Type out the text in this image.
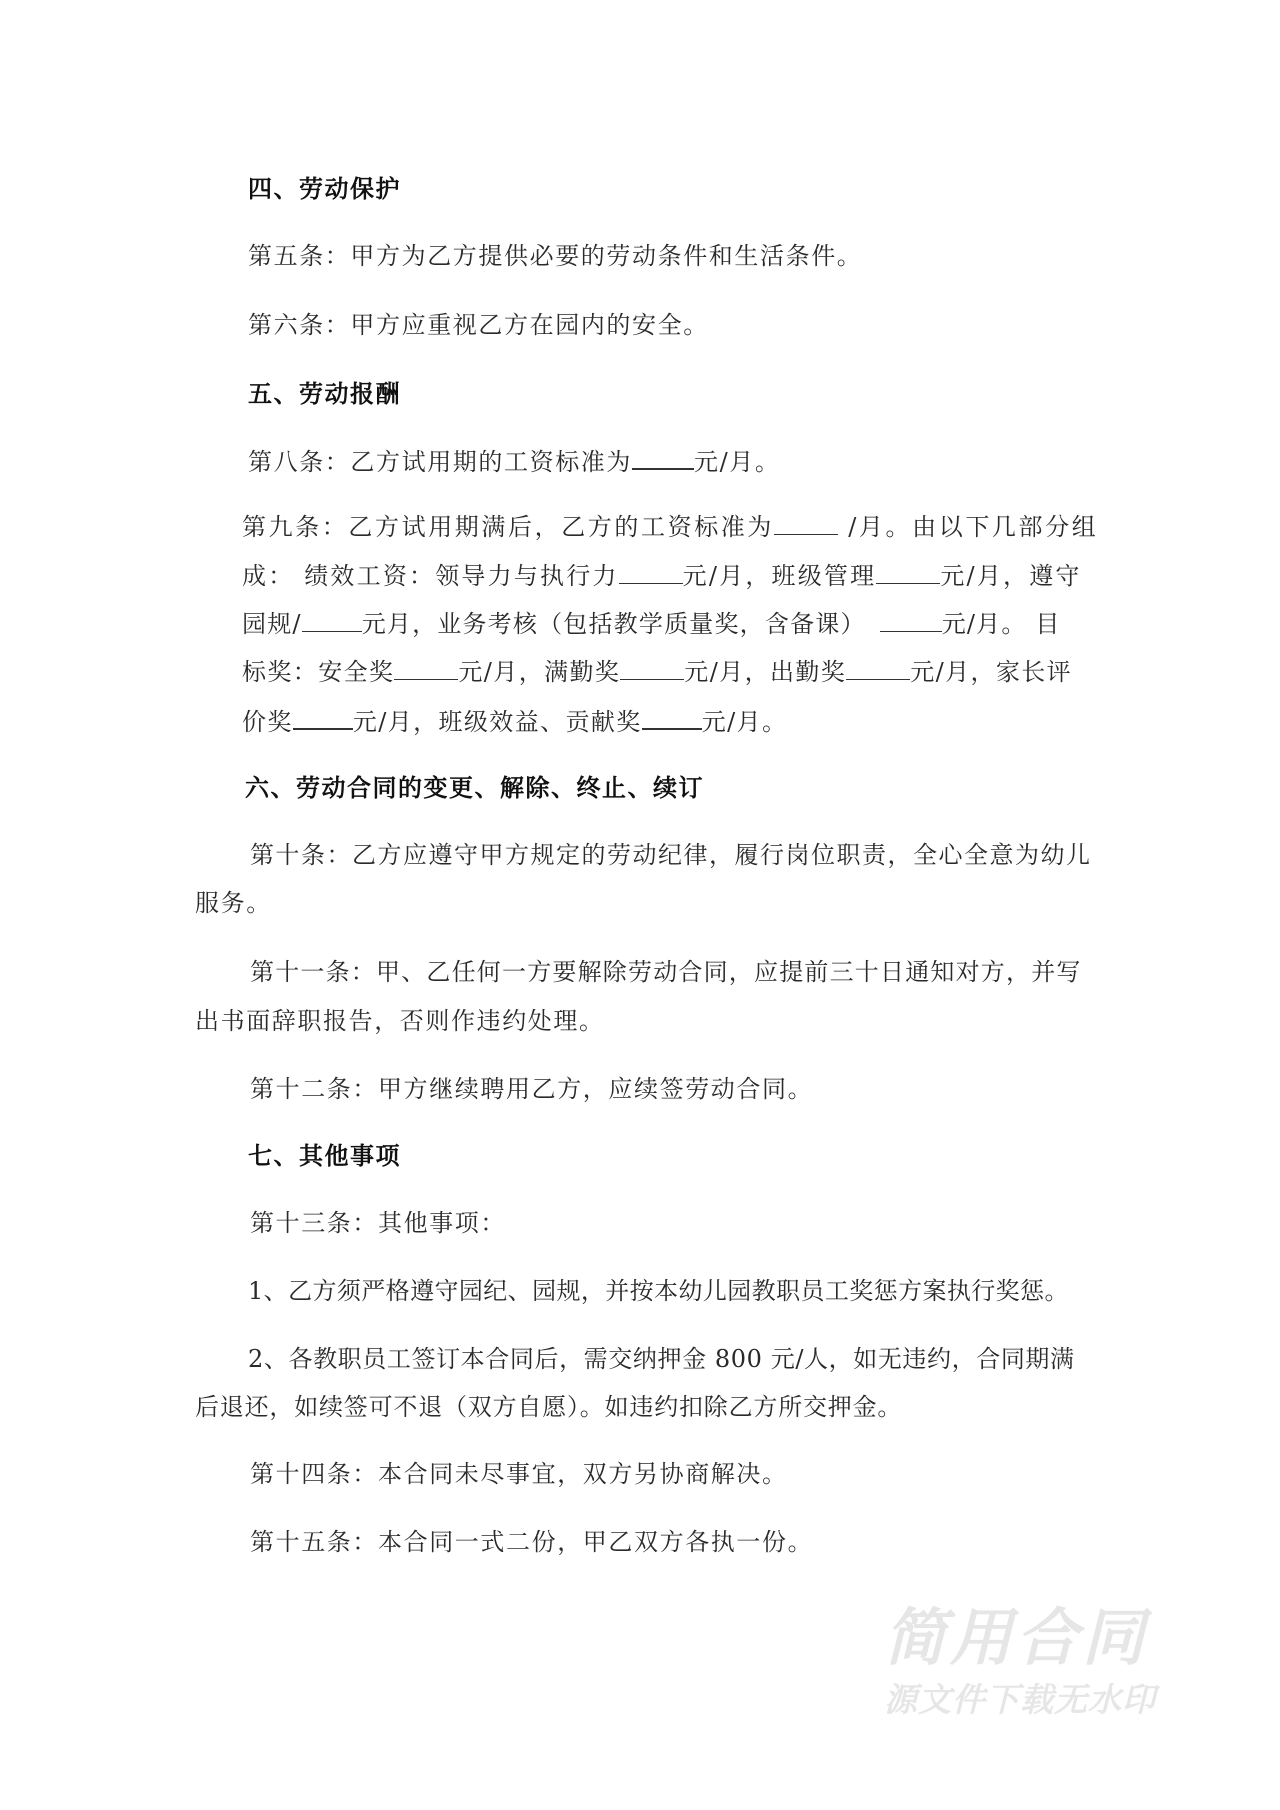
四、劳动保护
第五条：甲方为乙方提供必要的劳动条件和生活条件。
第六条：甲方应重视乙方在园内的安全。
五、劳动报酬
第八条：乙方试用期的工资标准为	元/月。
第九条：乙方试用期满后，乙方的工资标准为	/月。由以下几部分组
成： 绩效工资：领导力与执行力	元/月，班级管理	元/月，遵守
园规/	元月，业务考核（包括教学质量奖，含备课）	元/月。 目
标奖：安全奖	元/月，满勤奖	元/月，出勤奖	元/月，家长评
价奖	元/月，班级效益、贡献奖	元/月。
六、劳动合同的变更、解除、终止、续订
第十条：乙方应遵守甲方规定的劳动纪律，履行岗位职责，全心全意为幼儿
服务。
第十一条：甲、乙任何一方要解除劳动合同，应提前三十日通知对方，并写
出书面辞职报告，否则作违约处理。
第十二条：甲方继续聘用乙方，应续签劳动合同。
七、其他事项
第十三条：其他事项：
1、乙方须严格遵守园纪、园规，并按本幼儿园教职员工奖惩方案执行奖惩。
2、各教职员工签订本合同后，需交纳押金 800 元/人，如无违约，合同期满
后退还，如续签可不退（双方自愿）。如违约扣除乙方所交押金。
第十四条：本合同未尽事宜，双方另协商解决。
第十五条：本合同一式二份，甲乙双方各执一份。
简用合同
源文件下载无水印
